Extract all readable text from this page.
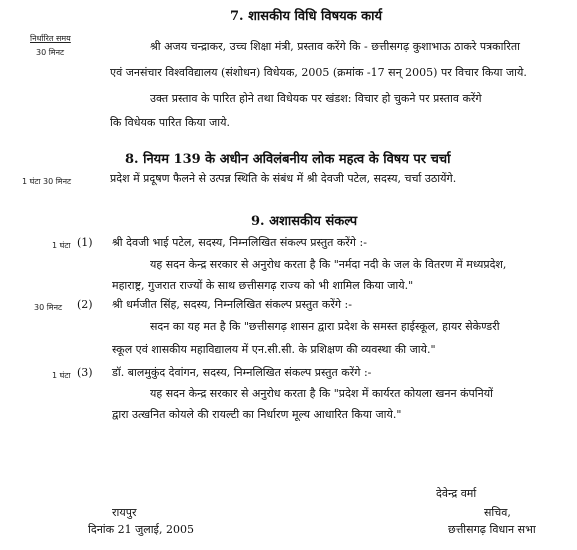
निर्धारित समय
7. शासकीय विधि विषयक कार्य
30 मिनट	श्री अजय चन्द्राकर, उच्च शिक्षा मंत्री, प्रस्ताव करेंगे कि - छत्तीसगढ़ कुशाभाऊ ठाकरे पत्रकारिता
एवं जनसंचार विश्वविद्यालय (संशोधन) विधेयक, 2005 (क्रमांक -17 सन् 2005) पर विचार किया जाये.
उक्त प्रस्ताव के पारित होने तथा विधेयक पर खंडश: विचार हो चुकने पर प्रस्ताव करेंगे
कि विधेयक पारित किया जाये.
8. नियम 139 के अधीन अविलंबनीय लोक महत्व के विषय पर चर्चा
1 घंटा 30 मिनट	प्रदेश में प्रदूषण फैलने से उत्पन्न स्थिति के संबंध में श्री देवजी पटेल, सदस्य, चर्चा उठायेंगे.
9. अशासकीय संकल्प
1 घंटा (1) श्री देवजी भाई पटेल, सदस्य, निम्नलिखित संकल्प प्रस्तुत करेंगे :-
यह सदन केन्द्र सरकार से अनुरोध करता है कि "नर्मदा नदी के जल के वितरण में मध्यप्रदेश,
महाराष्ट्र, गुजरात राज्यों के साथ छत्तीसगढ़ राज्य को भी शामिल किया जाये."
30 मिनट (2) श्री धर्मजीत सिंह, सदस्य, निम्नलिखित संकल्प प्रस्तुत करेंगे :-
सदन का यह मत है कि "छत्तीसगढ़ शासन द्वारा प्रदेश के समस्त हाईस्कूल, हायर सेकेण्डरी
स्कूल एवं शासकीय महाविद्यालय में एन.सी.सी. के प्रशिक्षण की व्यवस्था की जाये."
1 घंटा (3) डॉ. बालमुकुंद देवांगन, सदस्य, निम्नलिखित संकल्प प्रस्तुत करेंगे :-
यह सदन केन्द्र सरकार से अनुरोध करता है कि "प्रदेश में कार्यरत कोयला खनन कंपनियों
द्वारा उत्खनित कोयले की रायल्टी का निर्धारण मूल्य आधारित किया जाये."
रायपुर
दिनांक 21 जुलाई, 2005
देवेन्द्र वर्मा
सचिव,
छत्तीसगढ़ विधान सभा
